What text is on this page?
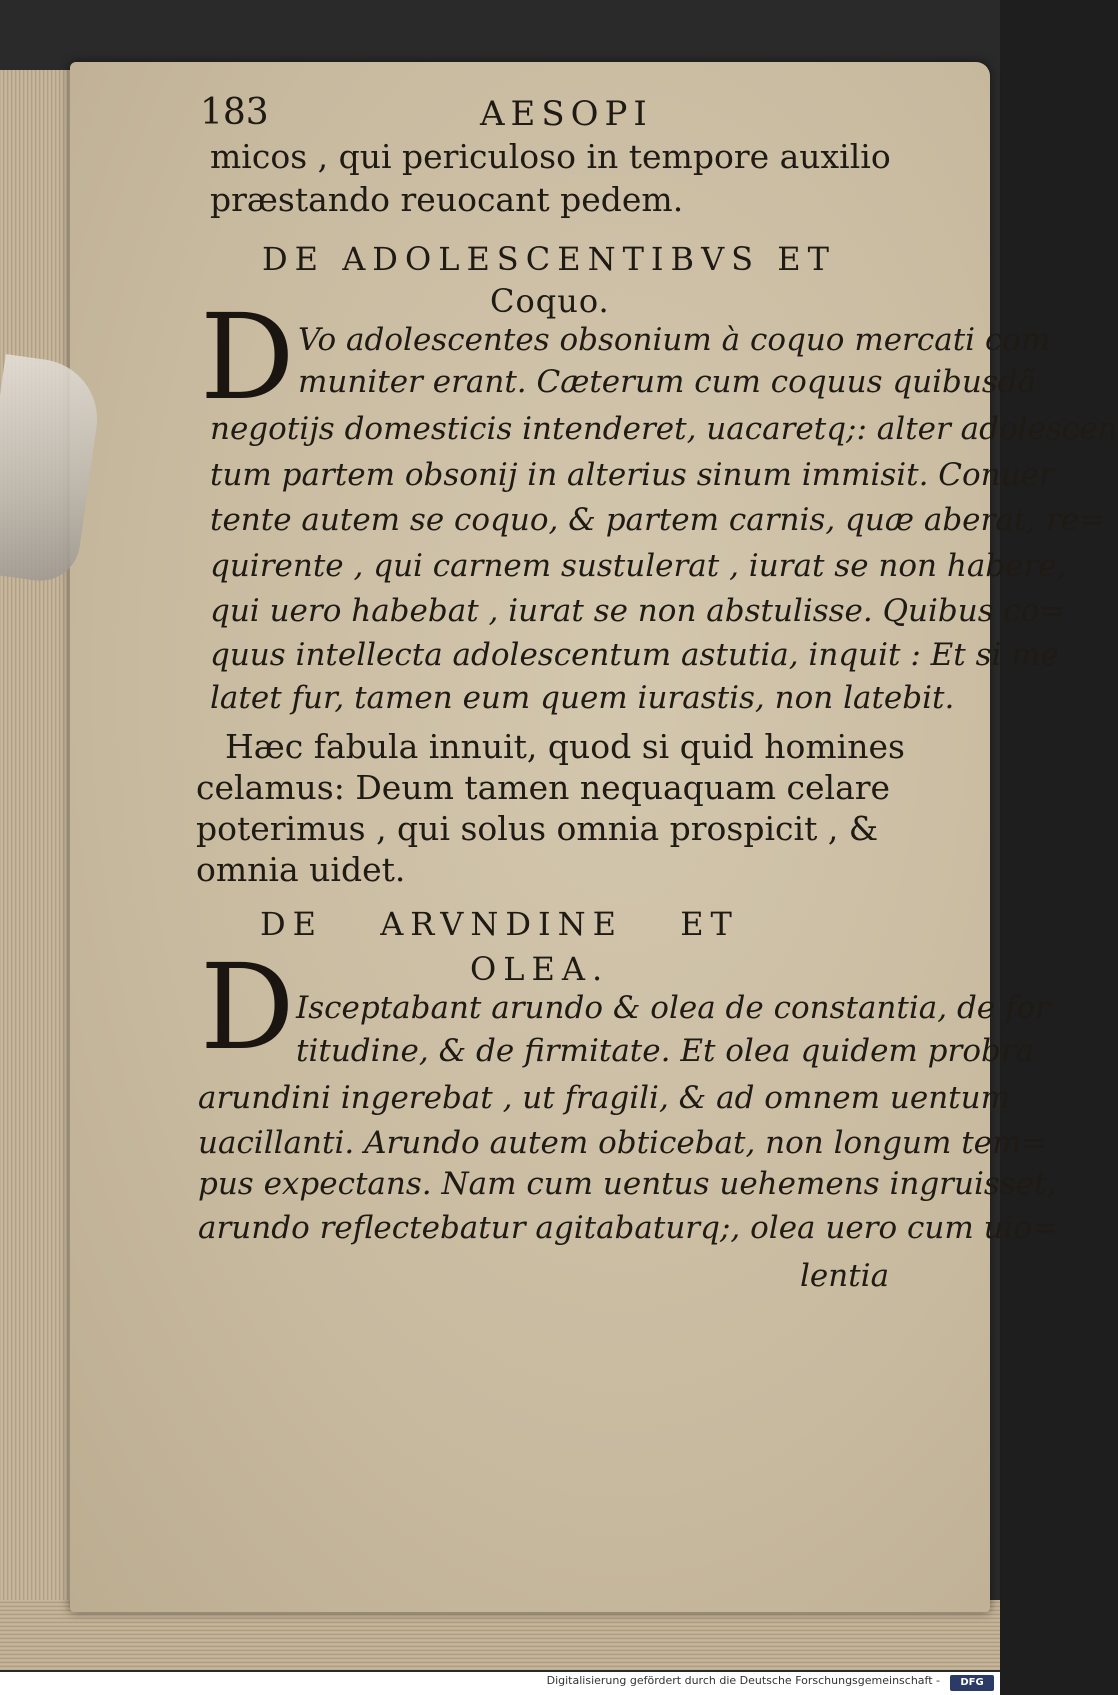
183	AESOPI
micos , qui periculoso in tempore auxilio
præstando reuocant pedem.
DE ADOLESCENTIBVS ET
Coquo.
D Vo adolescentes obsonium à coquo mercati com
muniter erant. Cæterum cum coquus quibusdã
negotijs domesticis intenderet, uacaretq;: alter adolescen
tum partem obsonij in alterius sinum immisit. Conuer
tente autem se coquo, & partem carnis, quæ aberat, re=
quirente , qui carnem sustulerat , iurat se non habere,
qui uero habebat , iurat se non abstulisse. Quibus co=
quus intellecta adolescentum astutia, inquit : Et si me
latet fur, tamen eum quem iurastis, non latebit.
Hæc fabula innuit, quod si quid homines
celamus: Deum tamen nequaquam celare
poterimus , qui solus omnia prospicit , &
omnia uidet.
DE ARVNDINE ET
OLEA.
D Isceptabant arundo & olea de constantia, de for
titudine, & de firmitate. Et olea quidem probra
arundini ingerebat , ut fragili, & ad omnem uentum
uacillanti. Arundo autem obticebat, non longum tem=
pus expectans. Nam cum uentus uehemens ingruisset,
arundo reflectebatur agitabaturq;, olea uero cum uio=
lentia
Digitalisierung gefördert durch die Deutsche Forschungsgemeinschaft -	DFG
